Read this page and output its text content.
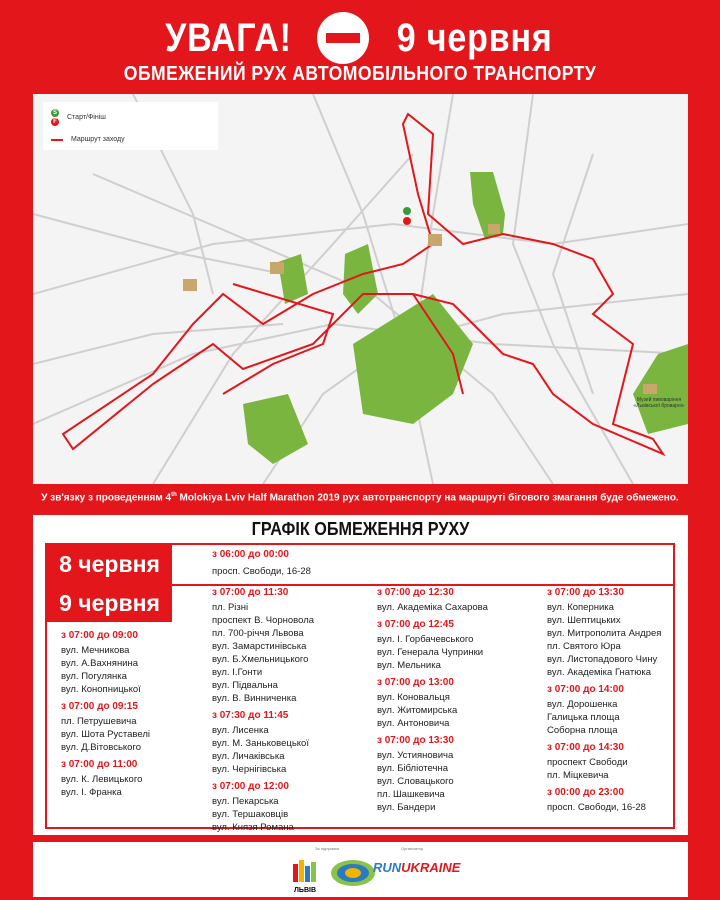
УВАГА!	9 червня
ОБМЕЖЕНИЙ РУХ АВТОМОБІЛЬНОГО ТРАНСПОРТУ
S
F
Старт/Фініш
Маршрут заходу
Музей пивоваріння «Львівської броварні»
У зв'язку з проведенням 4th Molokiya Lviv Half Marathon 2019 рух автотранспорту на маршруті бігового змагання буде обмежено.
ГРАФІК ОБМЕЖЕННЯ РУХУ
8 червня	з 06:00 до 00:00
просп. Свободи, 16-28
9 червня
з 07:00 до 09:00
вул. Мечникова
вул. А.Вахнянина
вул. Погулянка
вул. Конопницької
з 07:00 до 09:15
пл. Петрушевича
вул. Шота Руставелі
вул. Д.Вітовського
з 07:00 до 11:00
вул. К. Левицького
вул. І. Франка
з 07:00 до 11:30
пл. Різні
проспект В. Чорновола
пл. 700-річчя Львова
вул. Замарстинівська
вул. Б.Хмельницького
вул. І.Гонти
вул. Підвальна
вул. В. Винниченка
з 07:30 до 11:45
вул. Лисенка
вул. М. Заньковецької
вул. Личаківська
вул. Чернігівська
з 07:00 до 12:00
вул. Пекарська
вул. Тершаковців
вул. Князя Романа
з 07:00 до 12:30
вул. Академіка Сахарова
з 07:00 до 12:45
вул. І. Горбачевського
вул. Генерала Чупринки
вул. Мельника
з 07:00 до 13:00
вул. Коновальця
вул. Житомирська
вул. Антоновича
з 07:00 до 13:30
вул. Устияновича
вул. Бібліотечна
вул. Словацького
пл. Шашкевича
вул. Бандери
з 07:00 до 13:30
вул. Коперника
вул. Шептицьких
вул. Митрополита Андрея
пл. Святого Юра
вул. Листопадового Чину
вул. Академіка Гнатюка
з 07:00 до 14:00
вул. Дорошенка
Галицька площа
Соборна площа
з 07:00 до 14:30
проспект Свободи
пл. Міцкевича
з 00:00 до 23:00
просп. Свободи, 16-28
За підтримки	Організатор
ЛЬВІВ
RUNUKRAINE
